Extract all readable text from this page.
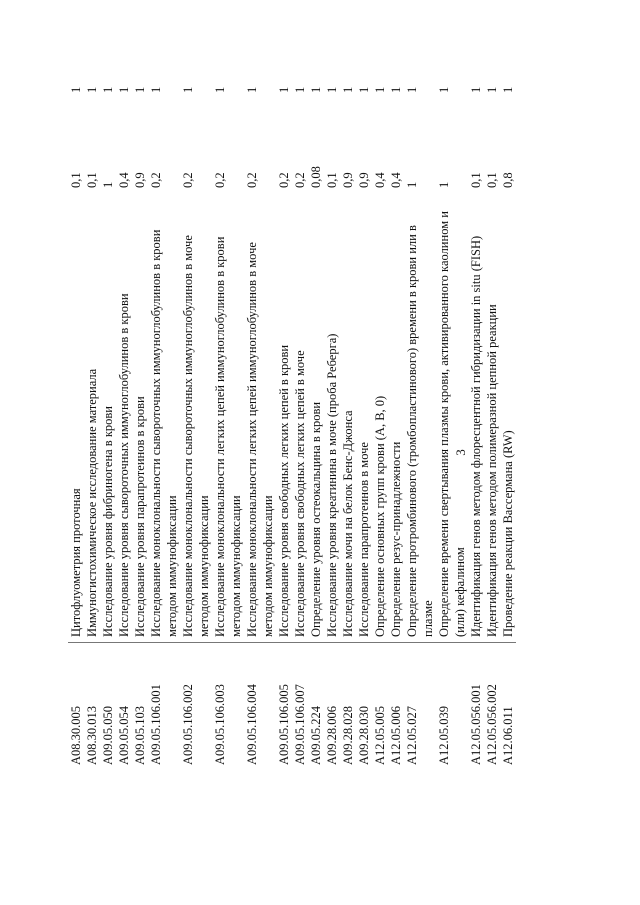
3
A08.30.005
Цитофлуометрия проточная
0,1
1
A08.30.013
Иммуногистохимическое исследование материала
0,1
1
A09.05.050
Исследование уровня фибриногена в крови
1
1
A09.05.054
Исследование уровня сывороточных иммуноглобулинов в крови
0,4
1
A09.05.103
Исследование уровня парапротеинов в крови
0,9
1
A09.05.106.001
Исследование моноклональности сывороточных иммуноглобулинов в крови методом иммунофиксации
0,2
1
A09.05.106.002
Исследование моноклональности сывороточных иммуноглобулинов в моче методом иммунофиксации
0,2
1
A09.05.106.003
Исследование моноклональности легких цепей иммуноглобулинов в крови методом иммунофиксации
0,2
1
A09.05.106.004
Исследование моноклональности легких цепей иммуноглобулинов в моче методом иммунофиксации
0,2
1
A09.05.106.005
Исследование уровня свободных легких цепей в крови
0,2
1
A09.05.106.007
Исследование уровня свободных легких цепей в моче
0,2
1
A09.05.224
Определение уровня остеокальцина в крови
0,08
1
A09.28.006
Исследование уровня креатинина в моче (проба Реберга)
0,1
1
A09.28.028
Исследование мочи на белок Бенс-Джонса
0,9
1
A09.28.030
Исследование парапротеинов в моче
0,9
1
A12.05.005
Определение основных групп крови (A, B, 0)
0,4
1
A12.05.006
Определение резус-принадлежности
0,4
1
A12.05.027
Определение протромбинового (тромбопластинового) времени в крови или в плазме
1
1
A12.05.039
Определение времени свертывания плазмы крови, активированного каолином и (или) кефалином
1
1
A12.05.056.001
Идентификация генов методом флоресцентной гибридизации in situ (FISH)
0,1
1
A12.05.056.002
Идентификация генов методом полимеразной цепной реакции
0,1
1
A12.06.011
Проведение реакции Вассермана (RW)
0,8
1
